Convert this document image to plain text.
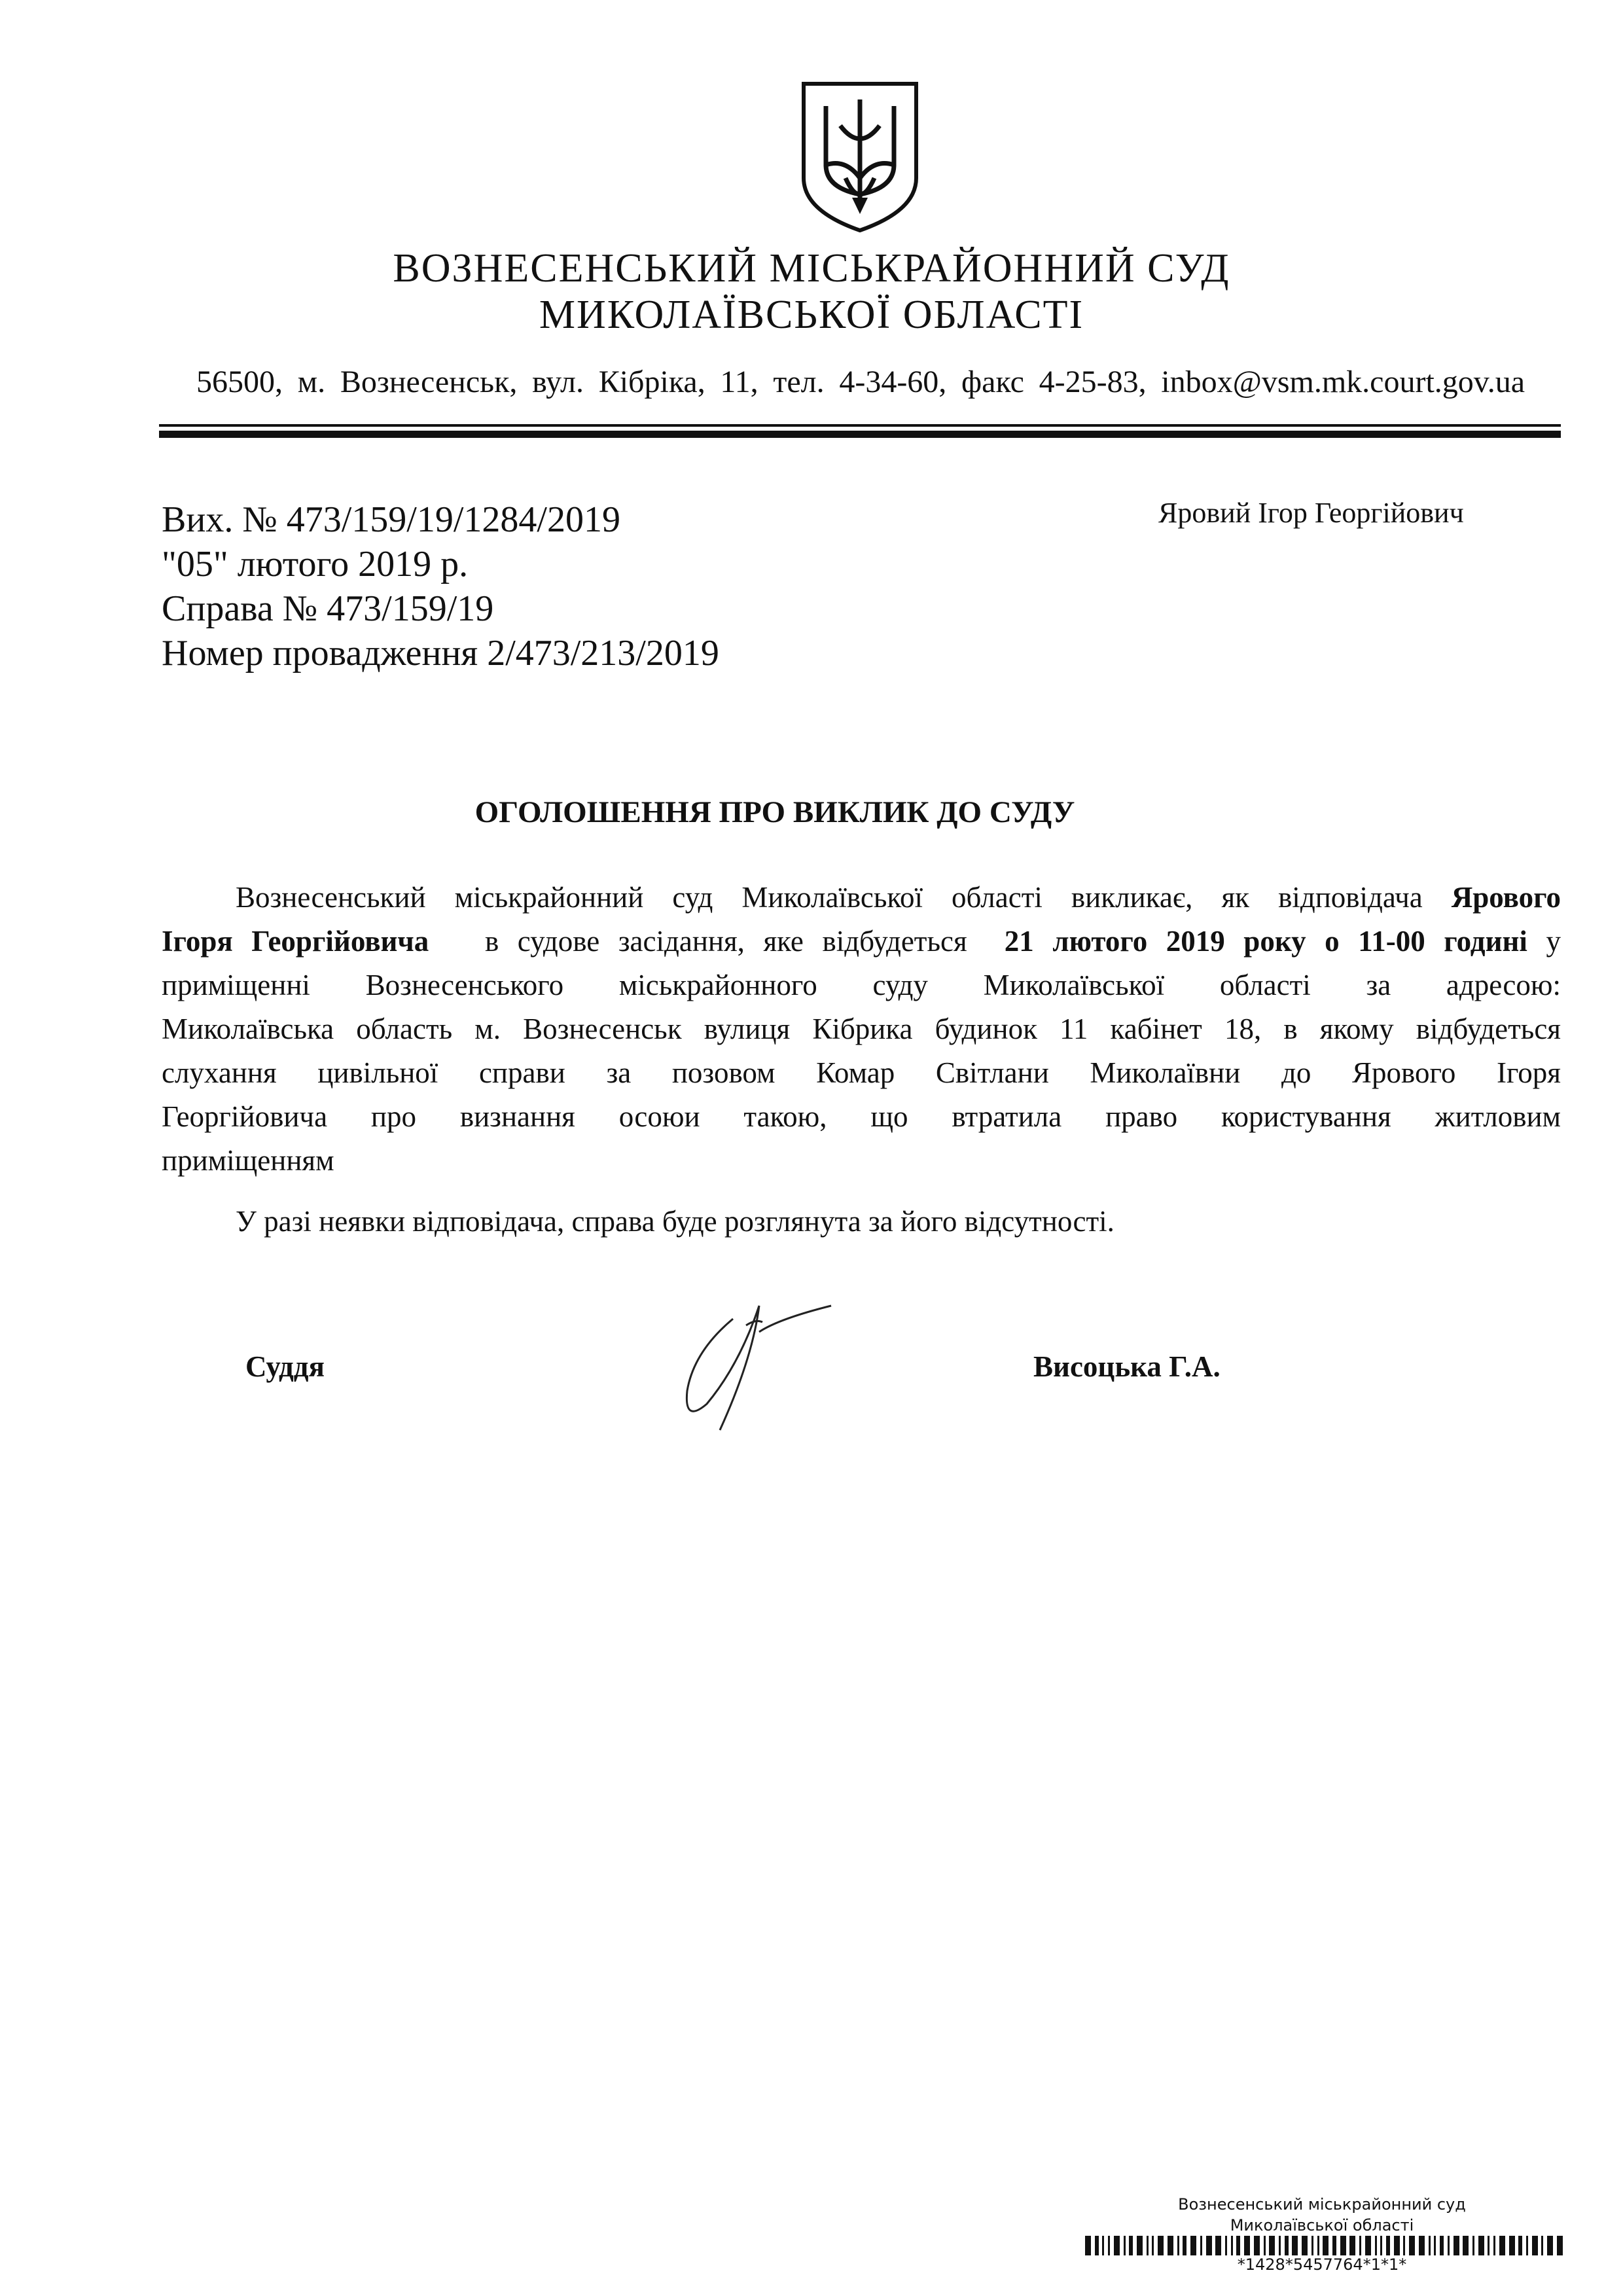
ВОЗНЕСЕНСЬКИЙ МІСЬКРАЙОННИЙ СУД
МИКОЛАЇВСЬКОЇ ОБЛАСТІ
56500, м. Вознесенськ, вул. Кібріка, 11, тел. 4-34-60, факс 4-25-83, inbox@vsm.mk.court.gov.ua
Вих. № 473/159/19/1284/2019
"05" лютого 2019 р.
Справа № 473/159/19
Номер провадження 2/473/213/2019
Яровий Ігор Георгійович
ОГОЛОШЕННЯ ПРО ВИКЛИК ДО СУДУ
Вознесенський міськрайонний суд Миколаївської області викликає, як відповідача Ярового
Ігоря Георгійовича   в судове засідання, яке відбудеться  21 лютого 2019 року о 11-00 годині у
приміщенні Вознесенського міськрайонного суду Миколаївської області за адресою:
Миколаївська область м. Вознесенськ вулиця Кібрика будинок 11 кабінет 18, в якому відбудеться
слухання цивільної справи за позовом Комар Світлани Миколаївни до Ярового Ігоря
Георгійовича про визнання осоюи такою, що втратила право користування житловим
приміщенням
У разі неявки відповідача, справа буде розглянута за його відсутності.
Суддя	Висоцька Г.А.
Вознесенський міськрайонний суд
Миколаївської області
*1428*5457764*1*1*
